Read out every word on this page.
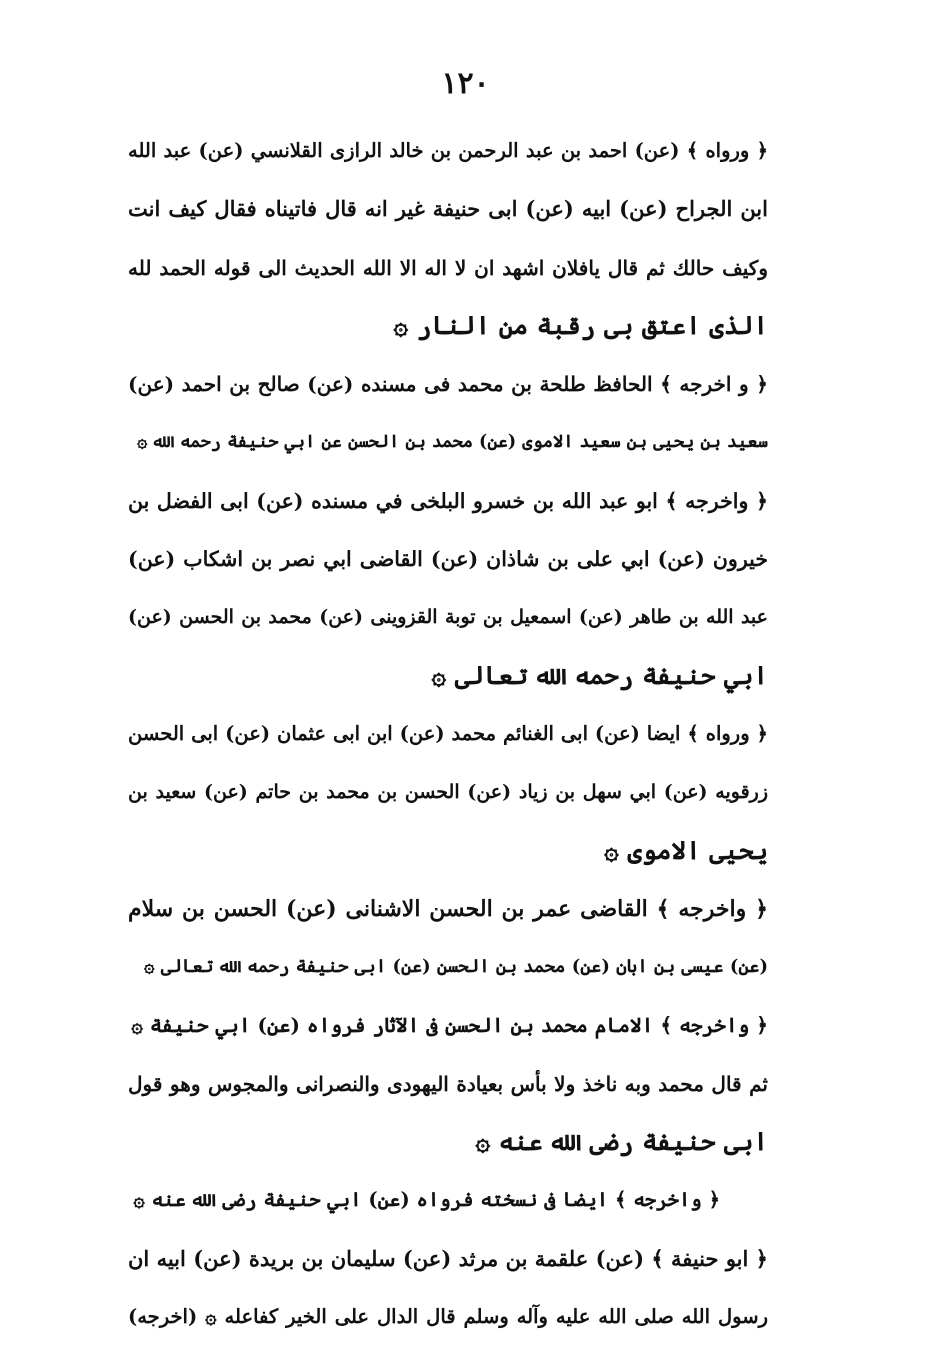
١٢٠
﴿ ورواه ﴾ (عن) احمد بن عبد الرحمن بن خالد الرازى القلانسي (عن) عبد الله
ابن الجراح (عن) ابيه (عن) ابى حنيفة غير انه قال فاتيناه فقال كيف انت
وكيف حالك ثم قال يافلان اشهد ان لا اله الا الله الحديث الى قوله الحمد لله
الذى اعتق بى رقبة من النار ۞
﴿ و اخرجه ﴾ الحافظ طلحة بن محمد فى مسنده (عن) صالح بن احمد (عن)
سعيد بن يحيى بن سعيد الاموى (عن) محمد بن الحسن عن ابي حنيفة رحمه الله ۞
﴿ واخرجه ﴾ ابو عبد الله بن خسرو البلخى في مسنده (عن) ابى الفضل بن
خيرون (عن) ابي على بن شاذان (عن) القاضى ابي نصر بن اشكاب (عن)
عبد الله بن طاهر (عن) اسمعيل بن توبة القزوينى (عن) محمد بن الحسن (عن)
ابي حنيفة رحمه الله تعالى ۞
﴿ ورواه ﴾ ايضا (عن) ابى الغنائم محمد (عن) ابن ابى عثمان (عن) ابى الحسن
زرقويه (عن) ابي سهل بن زياد (عن) الحسن بن محمد بن حاتم (عن) سعيد بن
يحيى الاموى ۞
﴿ واخرجه ﴾ القاضى عمر بن الحسن الاشنانى (عن) الحسن بن سلام
(عن) عيسى بن ابان (عن) محمد بن الحسن (عن) ابى حنيفة رحمه الله تعالى ۞
﴿ واخرجه ﴾ الامام محمد بن الحسن فى الآثار فرواه (عن) ابي حنيفة ۞
ثم قال محمد وبه ناخذ ولا بأس بعيادة اليهودى والنصرانى والمجوس وهو قول
ابى حنيفة رضى الله عنه ۞
﴿ واخرجه ﴾ ايضا فى نسخته فرواه (عن) ابي حنيفة رضى الله عنه ۞
﴿ ابو حنيفة ﴾ (عن) علقمة بن مرثد (عن) سليمان بن بريدة (عن) ابيه ان
رسول الله صلى الله عليه وآله وسلم قال الدال على الخير كفاعله ۞ (اخرجه)
